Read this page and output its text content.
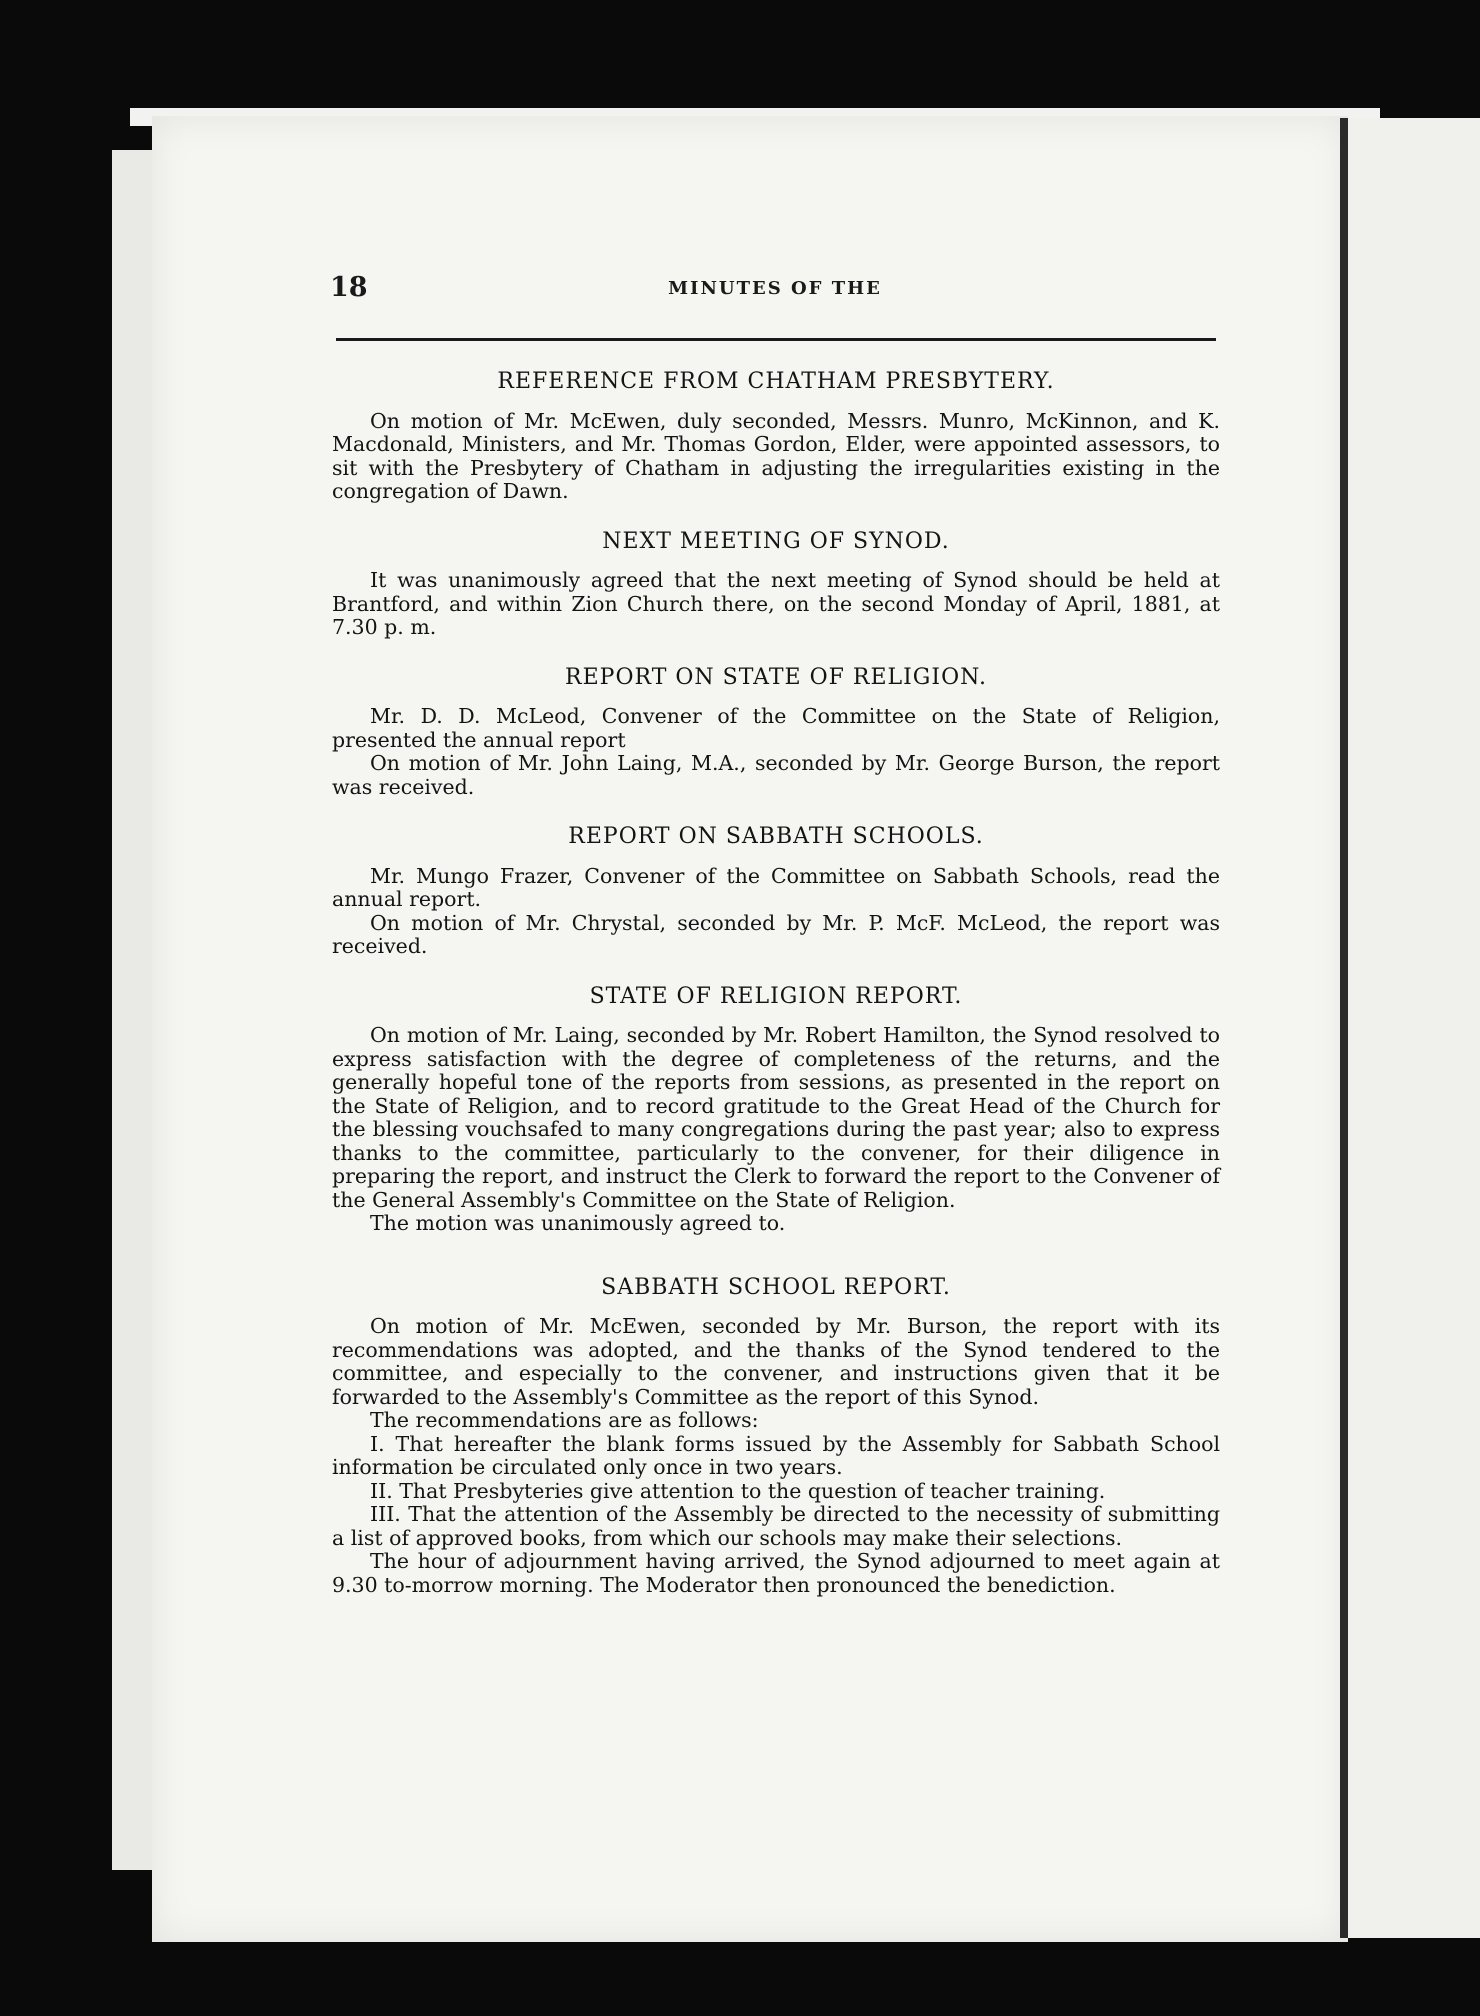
18	MINUTES OF THE
REFERENCE FROM CHATHAM PRESBYTERY.

On motion of Mr. McEwen, duly seconded, Messrs. Munro, McKinnon, and K. Macdonald, Ministers, and Mr. Thomas Gordon, Elder, were appointed assessors, to sit with the Presbytery of Chatham in adjusting the irregularities existing in the congregation of Dawn.

NEXT MEETING OF SYNOD.

It was unanimously agreed that the next meeting of Synod should be held at Brantford, and within Zion Church there, on the second Monday of April, 1881, at 7.30 p. m.

REPORT ON STATE OF RELIGION.

Mr. D. D. McLeod, Convener of the Committee on the State of Religion, presented the annual report

On motion of Mr. John Laing, M.A., seconded by Mr. George Burson, the report was received.

REPORT ON SABBATH SCHOOLS.

Mr. Mungo Frazer, Convener of the Committee on Sabbath Schools, read the annual report.

On motion of Mr. Chrystal, seconded by Mr. P. McF. McLeod, the report was received.

STATE OF RELIGION REPORT.

On motion of Mr. Laing, seconded by Mr. Robert Hamilton, the Synod resolved to express satisfaction with the degree of completeness of the returns, and the generally hopeful tone of the reports from sessions, as presented in the report on the State of Religion, and to record gratitude to the Great Head of the Church for the blessing vouchsafed to many congregations during the past year; also to express thanks to the committee, particularly to the convener, for their diligence in preparing the report, and instruct the Clerk to forward the report to the Convener of the General Assembly's Committee on the State of Religion.

The motion was unanimously agreed to.

SABBATH SCHOOL REPORT.

On motion of Mr. McEwen, seconded by Mr. Burson, the report with its recommendations was adopted, and the thanks of the Synod tendered to the committee, and especially to the convener, and instructions given that it be forwarded to the Assembly's Committee as the report of this Synod.

The recommendations are as follows:

I. That hereafter the blank forms issued by the Assembly for Sabbath School information be circulated only once in two years.

II. That Presbyteries give attention to the question of teacher training.

III. That the attention of the Assembly be directed to the necessity of submitting a list of approved books, from which our schools may make their selections.

The hour of adjournment having arrived, the Synod adjourned to meet again at 9.30 to-morrow morning. The Moderator then pronounced the benediction.
